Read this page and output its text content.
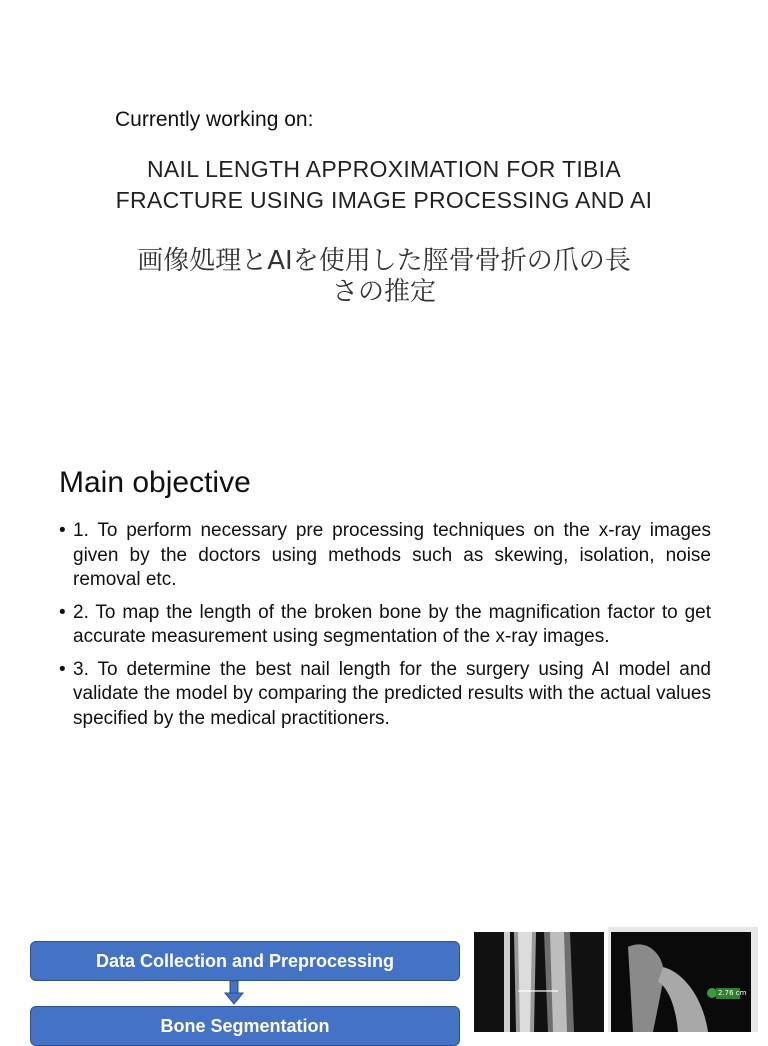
Currently working on:
NAIL LENGTH APPROXIMATION FOR TIBIA
FRACTURE USING IMAGE PROCESSING AND AI
画像処理とAIを使用した脛骨骨折の爪の長
さの推定
Main objective
• 1. To perform necessary pre processing techniques on the x-ray images given by the doctors using methods such as skewing, isolation, noise removal etc.
• 2. To map the length of the broken bone by the magnification factor to get accurate measurement using segmentation of the x-ray images.
• 3. To determine the best nail length for the surgery using AI model and validate the model by comparing the predicted results with the actual values specified by the medical practitioners.
Data Collection and Preprocessing
Bone Segmentation
2.76 cm
